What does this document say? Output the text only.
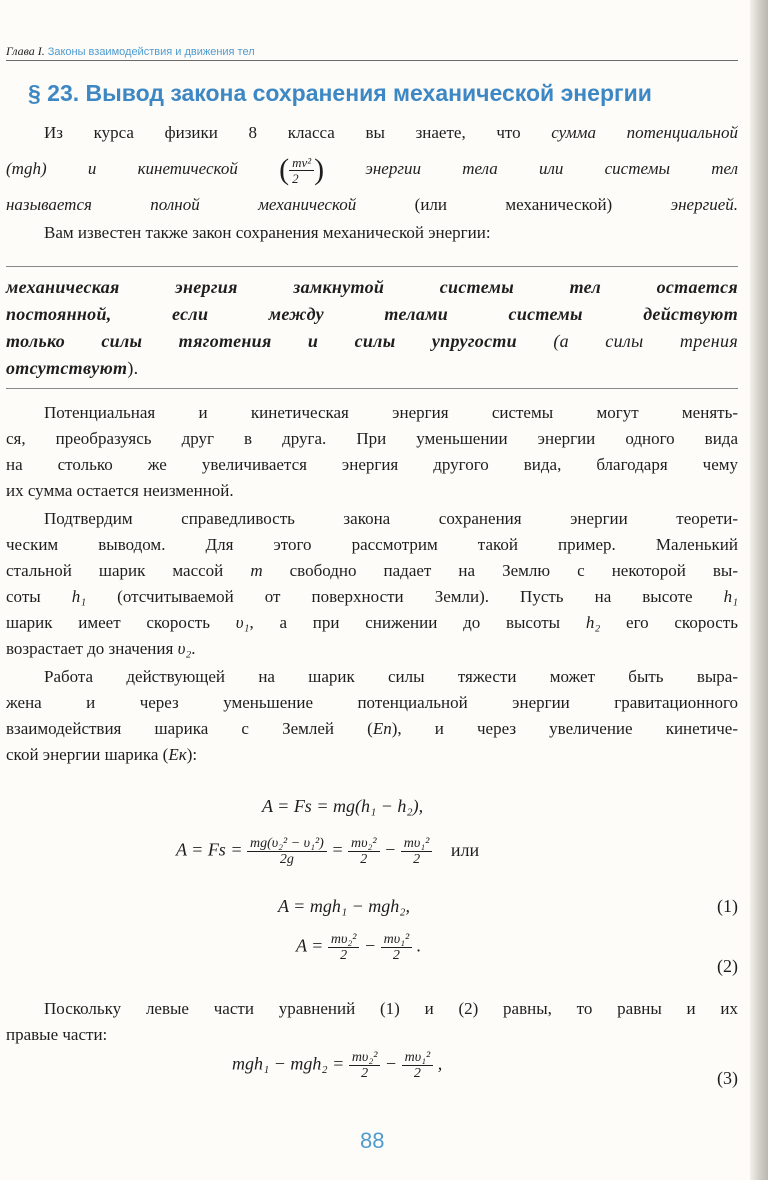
Глава I. Законы взаимодействия и движения тел
§ 23. Вывод закона сохранения механической энергии
Из курса физики 8 класса вы знаете, что сумма потенциальной
(mgh) и кинетической ( $\frac{\text{mv²}}{2}$ ) энергии тела или системы тел
называется полной механической (или механической) энергией.
Вам известен также закон сохранения механической энергии:
механическая энергия замкнутой системы тел остается
постоянной, если между телами системы действуют
только силы тяготения и силы упругости (а силы трения
отсутствуют).
Потенциальная и кинетическая энергия системы могут менять-
ся, преобразуясь друг в друга. При уменьшении энергии одного вида
на столько же увеличивается энергия другого вида, благодаря чему
их сумма остается неизменной.
Подтвердим справедливость закона сохранения энергии теорети-
ческим выводом. Для этого рассмотрим такой пример. Маленький
стальной шарик массой m свободно падает на Землю с некоторой вы-
соты h₁ (отсчитываемой от поверхности Земли). Пусть на высоте h₁
шарик имеет скорость υ₁, а при снижении до высоты h₂ его скорость
возрастает до значения υ₂.
Работа действующей на шарик силы тяжести может быть выра-
жена и через уменьшение потенциальной энергии гравитационного
взаимодействия шарика с Землей (Eп), и через увеличение кинетиче-
ской энергии шарика (Eк):
A = Fs = mg(h₁ − h₂),
$A = Fs = \frac{\text{mg(υ₂² − υ₁²)}}{2g} = \frac{\text{mυ₂²}}{2} - \frac{\text{mυ₁²}}{2}$ или
A = mgh₁ − mgh₂,	(1)
$A = \frac{\text{mυ₂²}}{2} - \frac{\text{mυ₁²}}{2}$ .
(2)
Поскольку левые части уравнений (1) и (2) равны, то равны и их
правые части:
$mgh_1 - mgh_2 = \frac{\text{mυ₂²}}{2} - \frac{\text{mυ₁²}}{2}$ ,
(3)
88
